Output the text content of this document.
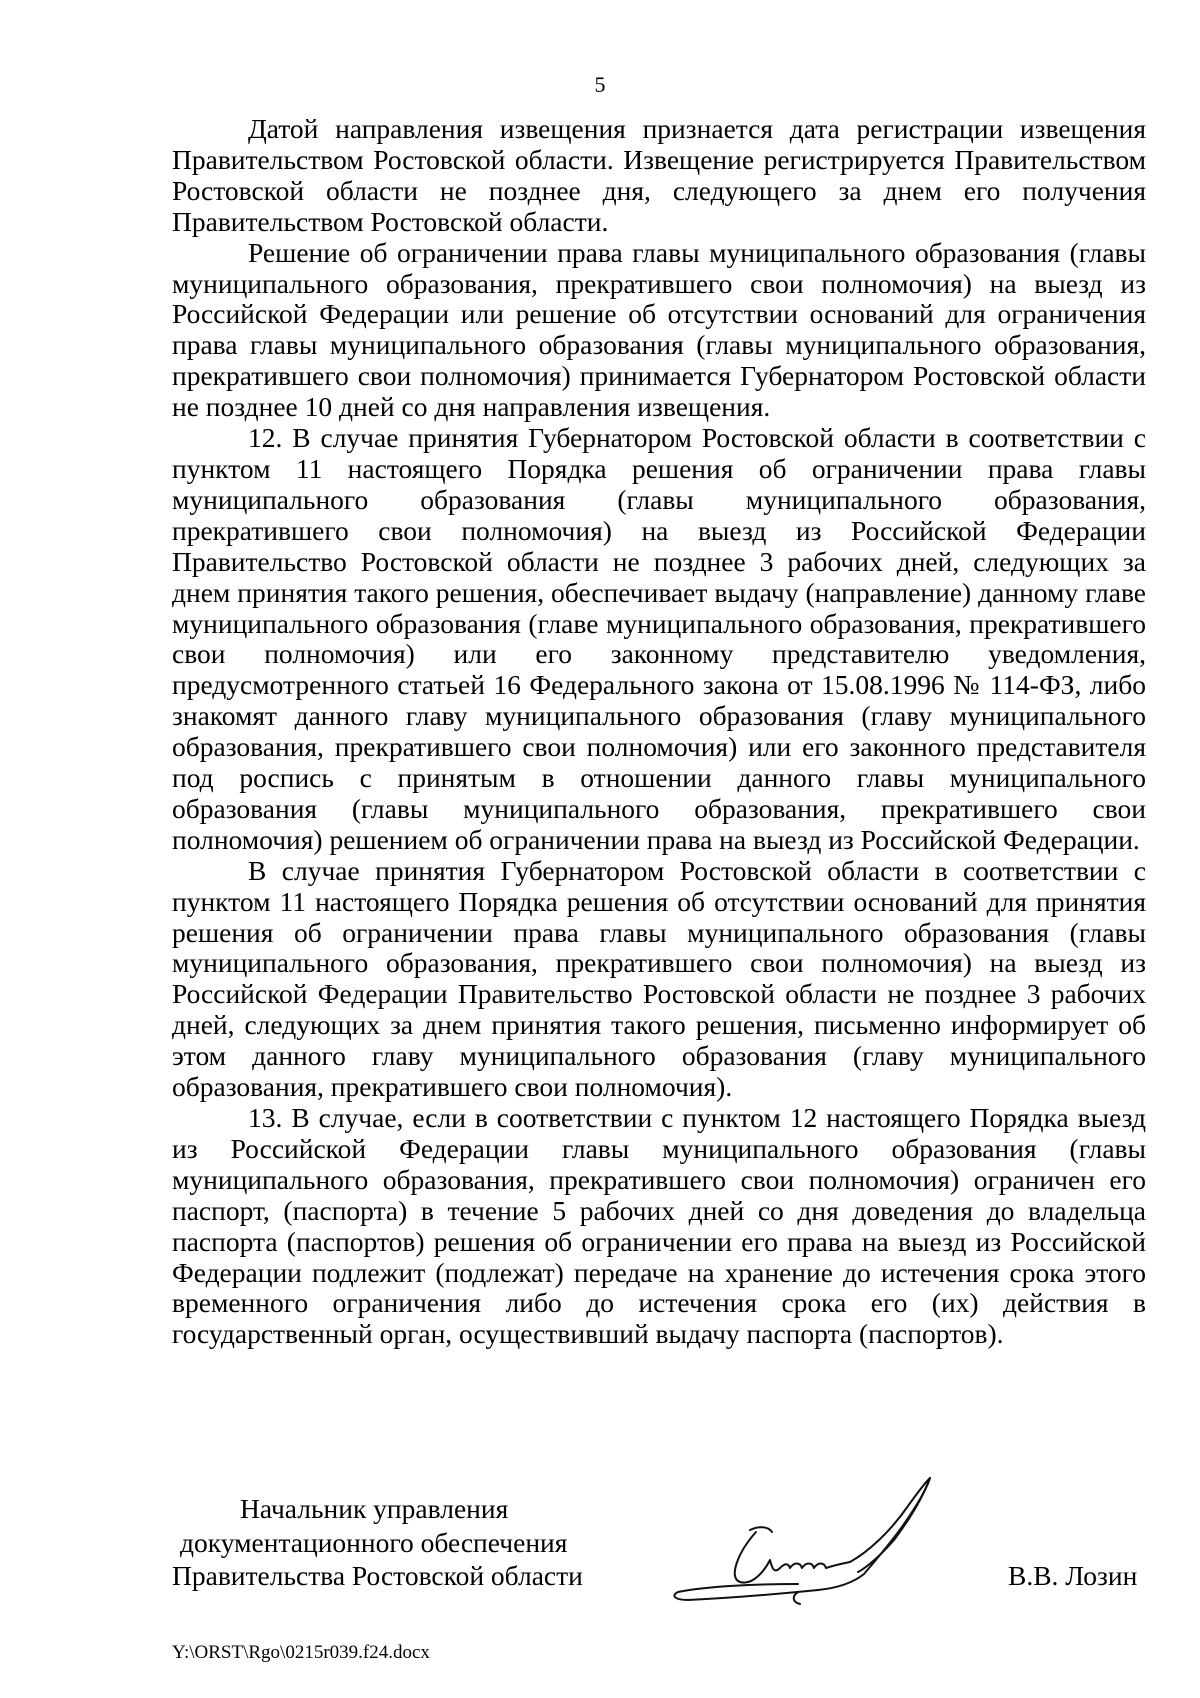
5

Датой направления извещения признается дата регистрации извещения Правительством Ростовской области. Извещение регистрируется Правительством Ростовской области не позднее дня, следующего за днем его получения Правительством Ростовской области.

Решение об ограничении права главы муниципального образования (главы муниципального образования, прекратившего свои полномочия) на выезд из Российской Федерации или решение об отсутствии оснований для ограничения права главы муниципального образования (главы муниципального образования, прекратившего свои полномочия) принимается Губернатором Ростовской области не позднее 10 дней со дня направления извещения.

12. В случае принятия Губернатором Ростовской области в соответствии с пунктом 11 настоящего Порядка решения об ограничении права главы муниципального образования (главы муниципального образования, прекратившего свои полномочия) на выезд из Российской Федерации Правительство Ростовской области не позднее 3 рабочих дней, следующих за днем принятия такого решения, обеспечивает выдачу (направление) данному главе муниципального образования (главе муниципального образования, прекратившего свои полномочия) или его законному представителю уведомления, предусмотренного статьей 16 Федерального закона от 15.08.1996 № 114-ФЗ, либо знакомят данного главу муниципального образования (главу муниципального образования, прекратившего свои полномочия) или его законного представителя под роспись с принятым в отношении данного главы муниципального образования (главы муниципального образования, прекратившего свои полномочия) решением об ограничении права на выезд из Российской Федерации.

В случае принятия Губернатором Ростовской области в соответствии с пунктом 11 настоящего Порядка решения об отсутствии оснований для принятия решения об ограничении права главы муниципального образования (главы муниципального образования, прекратившего свои полномочия) на выезд из Российской Федерации Правительство Ростовской области не позднее 3 рабочих дней, следующих за днем принятия такого решения, письменно информирует об этом данного главу муниципального образования (главу муниципального образования, прекратившего свои полномочия).

13. В случае, если в соответствии с пунктом 12 настоящего Порядка выезд из Российской Федерации главы муниципального образования (главы муниципального образования, прекратившего свои полномочия) ограничен его паспорт, (паспорта) в течение 5 рабочих дней со дня доведения до владельца паспорта (паспортов) решения об ограничении его права на выезд из Российской Федерации подлежит (подлежат) передаче на хранение до истечения срока этого временного ограничения либо до истечения срока его (их) действия в государственный орган, осуществивший выдачу паспорта (паспортов).

Начальник управления
документационного обеспечения
Правительства Ростовской области	В.В. Лозин
Y:\ORST\Rgo\0215r039.f24.docx
